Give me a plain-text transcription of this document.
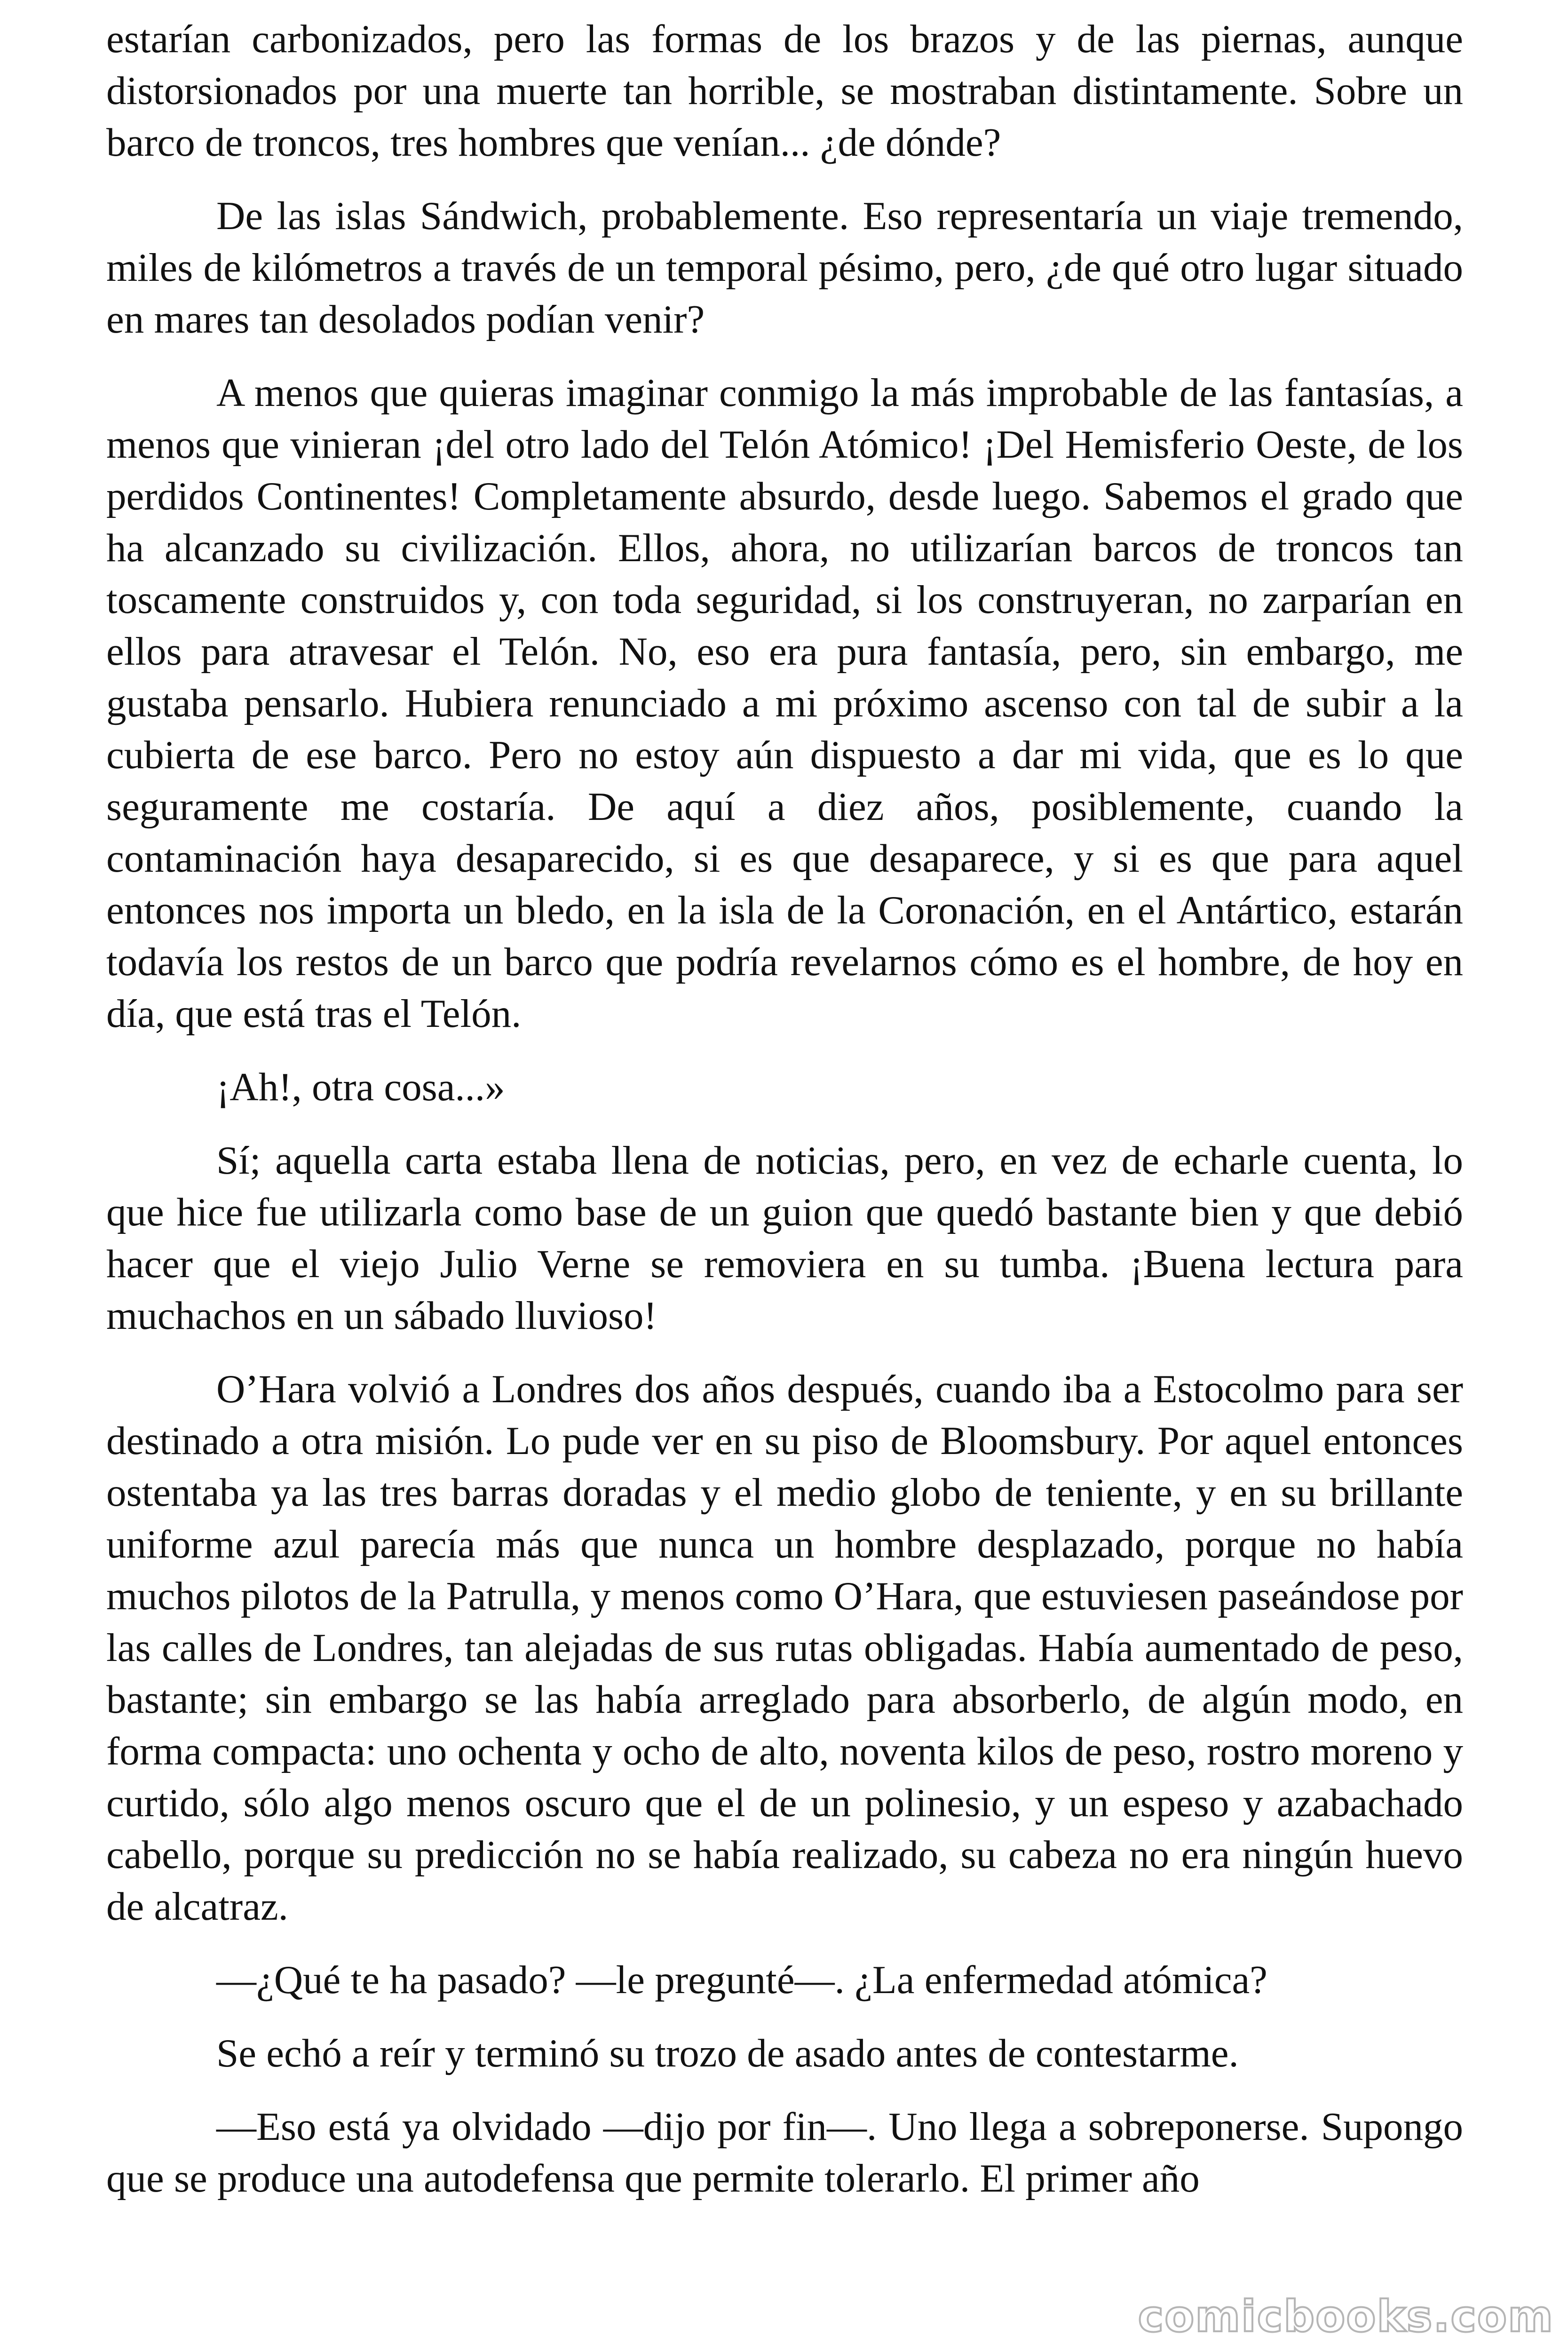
estarían carbonizados, pero las formas de los brazos y de las piernas, aunque distorsionados por una muerte tan horrible, se mostraban distintamente. Sobre un barco de troncos, tres hombres que venían... ¿de dónde?

De las islas Sándwich, probablemente. Eso representaría un viaje tremendo, miles de kilómetros a través de un temporal pésimo, pero, ¿de qué otro lugar situado en mares tan desolados podían venir?

A menos que quieras imaginar conmigo la más improbable de las fantasías, a menos que vinieran ¡del otro lado del Telón Atómico! ¡Del Hemisferio Oeste, de los perdidos Continentes! Completamente absurdo, desde luego. Sabemos el grado que ha alcanzado su civilización. Ellos, ahora, no utilizarían barcos de troncos tan toscamente construidos y, con toda seguridad, si los construyeran, no zarparían en ellos para atravesar el Telón. No, eso era pura fantasía, pero, sin embargo, me gustaba pensarlo. Hubiera renunciado a mi próximo ascenso con tal de subir a la cubierta de ese barco. Pero no estoy aún dispuesto a dar mi vida, que es lo que seguramente me costaría. De aquí a diez años, posiblemente, cuando la contaminación haya desaparecido, si es que desaparece, y si es que para aquel entonces nos importa un bledo, en la isla de la Coronación, en el Antártico, estarán todavía los restos de un barco que podría revelarnos cómo es el hombre, de hoy en día, que está tras el Telón.

¡Ah!, otra cosa...»

Sí; aquella carta estaba llena de noticias, pero, en vez de echarle cuenta, lo que hice fue utilizarla como base de un guion que quedó bastante bien y que debió hacer que el viejo Julio Verne se removiera en su tumba. ¡Buena lectura para muchachos en un sábado lluvioso!

O’Hara volvió a Londres dos años después, cuando iba a Estocolmo para ser destinado a otra misión. Lo pude ver en su piso de Bloomsbury. Por aquel entonces ostentaba ya las tres barras doradas y el medio globo de teniente, y en su brillante uniforme azul parecía más que nunca un hombre desplazado, porque no había muchos pilotos de la Patrulla, y menos como O’Hara, que estuviesen paseándose por las calles de Londres, tan alejadas de sus rutas obligadas. Había aumentado de peso, bastante; sin embargo se las había arreglado para absorberlo, de algún modo, en forma compacta: uno ochenta y ocho de alto, noventa kilos de peso, rostro moreno y curtido, sólo algo menos oscuro que el de un polinesio, y un espeso y azabachado cabello, porque su predicción no se había realizado, su cabeza no era ningún huevo de alcatraz.

—¿Qué te ha pasado? —le pregunté—. ¿La enfermedad atómica?

Se echó a reír y terminó su trozo de asado antes de contestarme.

—Eso está ya olvidado —dijo por fin—. Uno llega a sobreponerse. Supongo que se produce una autodefensa que permite tolerarlo. El primer año

comicbooks.com
